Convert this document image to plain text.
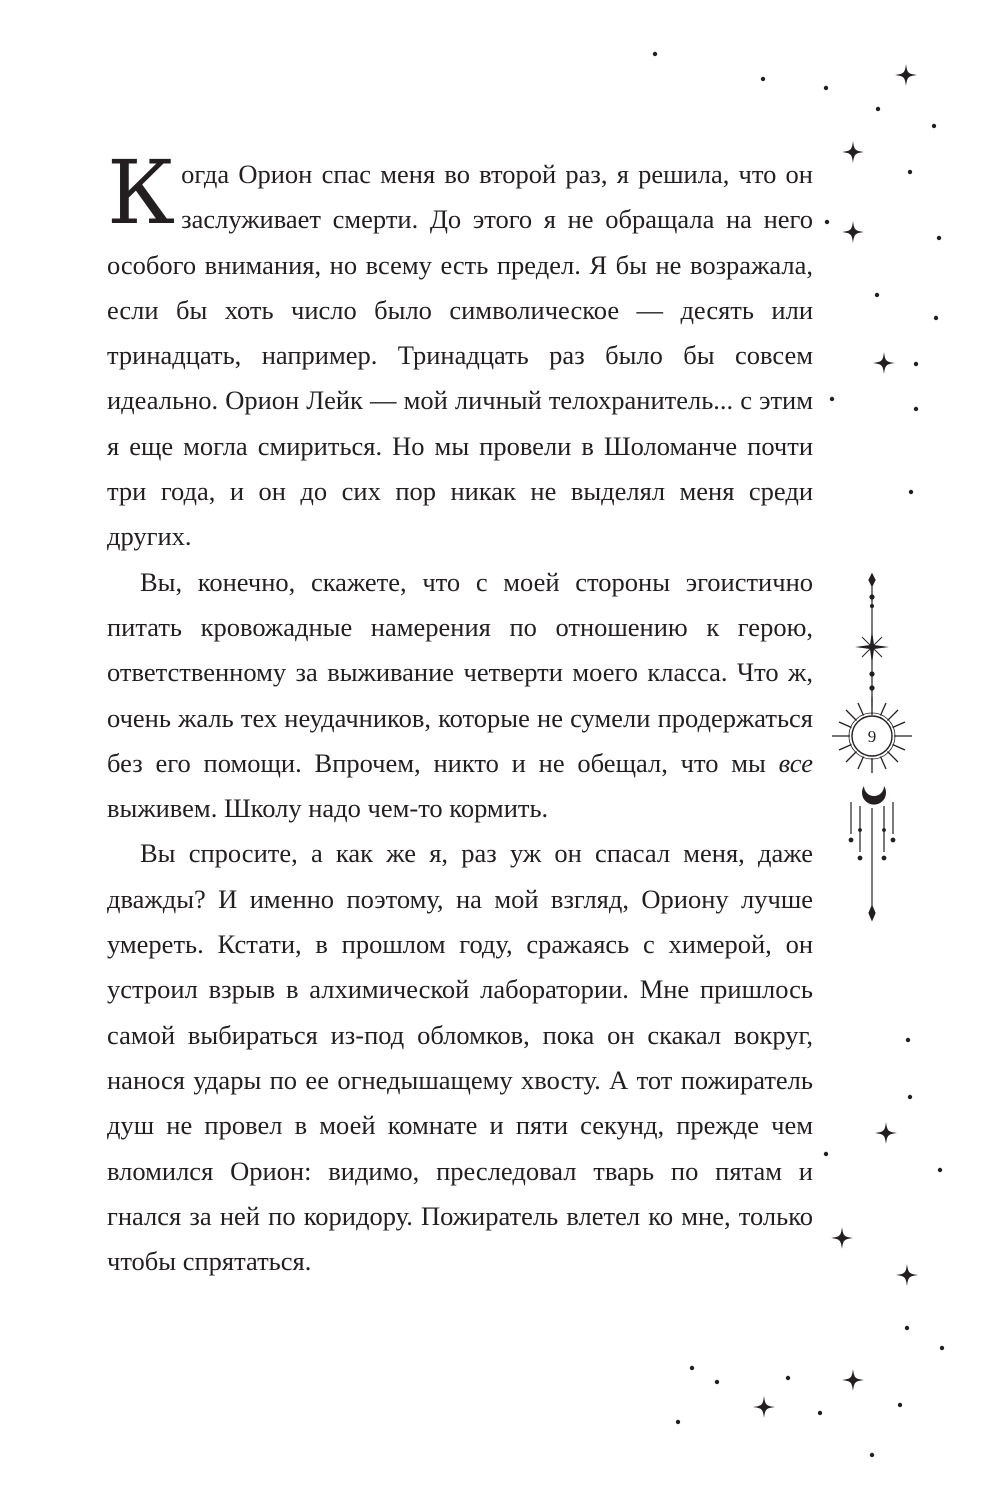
Когда Орион спас меня во второй раз, я решила, что он заслуживает смерти. До этого я не обращала на него особого внимания, но всему есть предел. Я бы не возражала, если бы хоть число было символическое — десять или тринадцать, например. Тринадцать раз было бы совсем идеально. Орион Лейк — мой личный телохранитель... с этим я еще могла смириться. Но мы провели в Шоломанче почти три года, и он до сих пор никак не выделял меня среди других.

Вы, конечно, скажете, что с моей стороны эгоистично питать кровожадные намерения по отношению к герою, ответственному за выживание четверти моего класса. Что ж, очень жаль тех неудачников, которые не сумели продержаться без его помощи. Впрочем, никто и не обещал, что мы все выживем. Школу надо чем-то кормить.

Вы спросите, а как же я, раз уж он спасал меня, даже дважды? И именно поэтому, на мой взгляд, Ориону лучше умереть. Кстати, в прошлом году, сражаясь с химерой, он устроил взрыв в алхимической лаборатории. Мне пришлось самой выбираться из-под обломков, пока он скакал вокруг, нанося удары по ее огнедышащему хвосту. А тот пожиратель душ не провел в моей комнате и пяти секунд, прежде чем вломился Орион: видимо, преследовал тварь по пятам и гнался за ней по коридору. Пожиратель влетел ко мне, только чтобы спрятаться.

9
